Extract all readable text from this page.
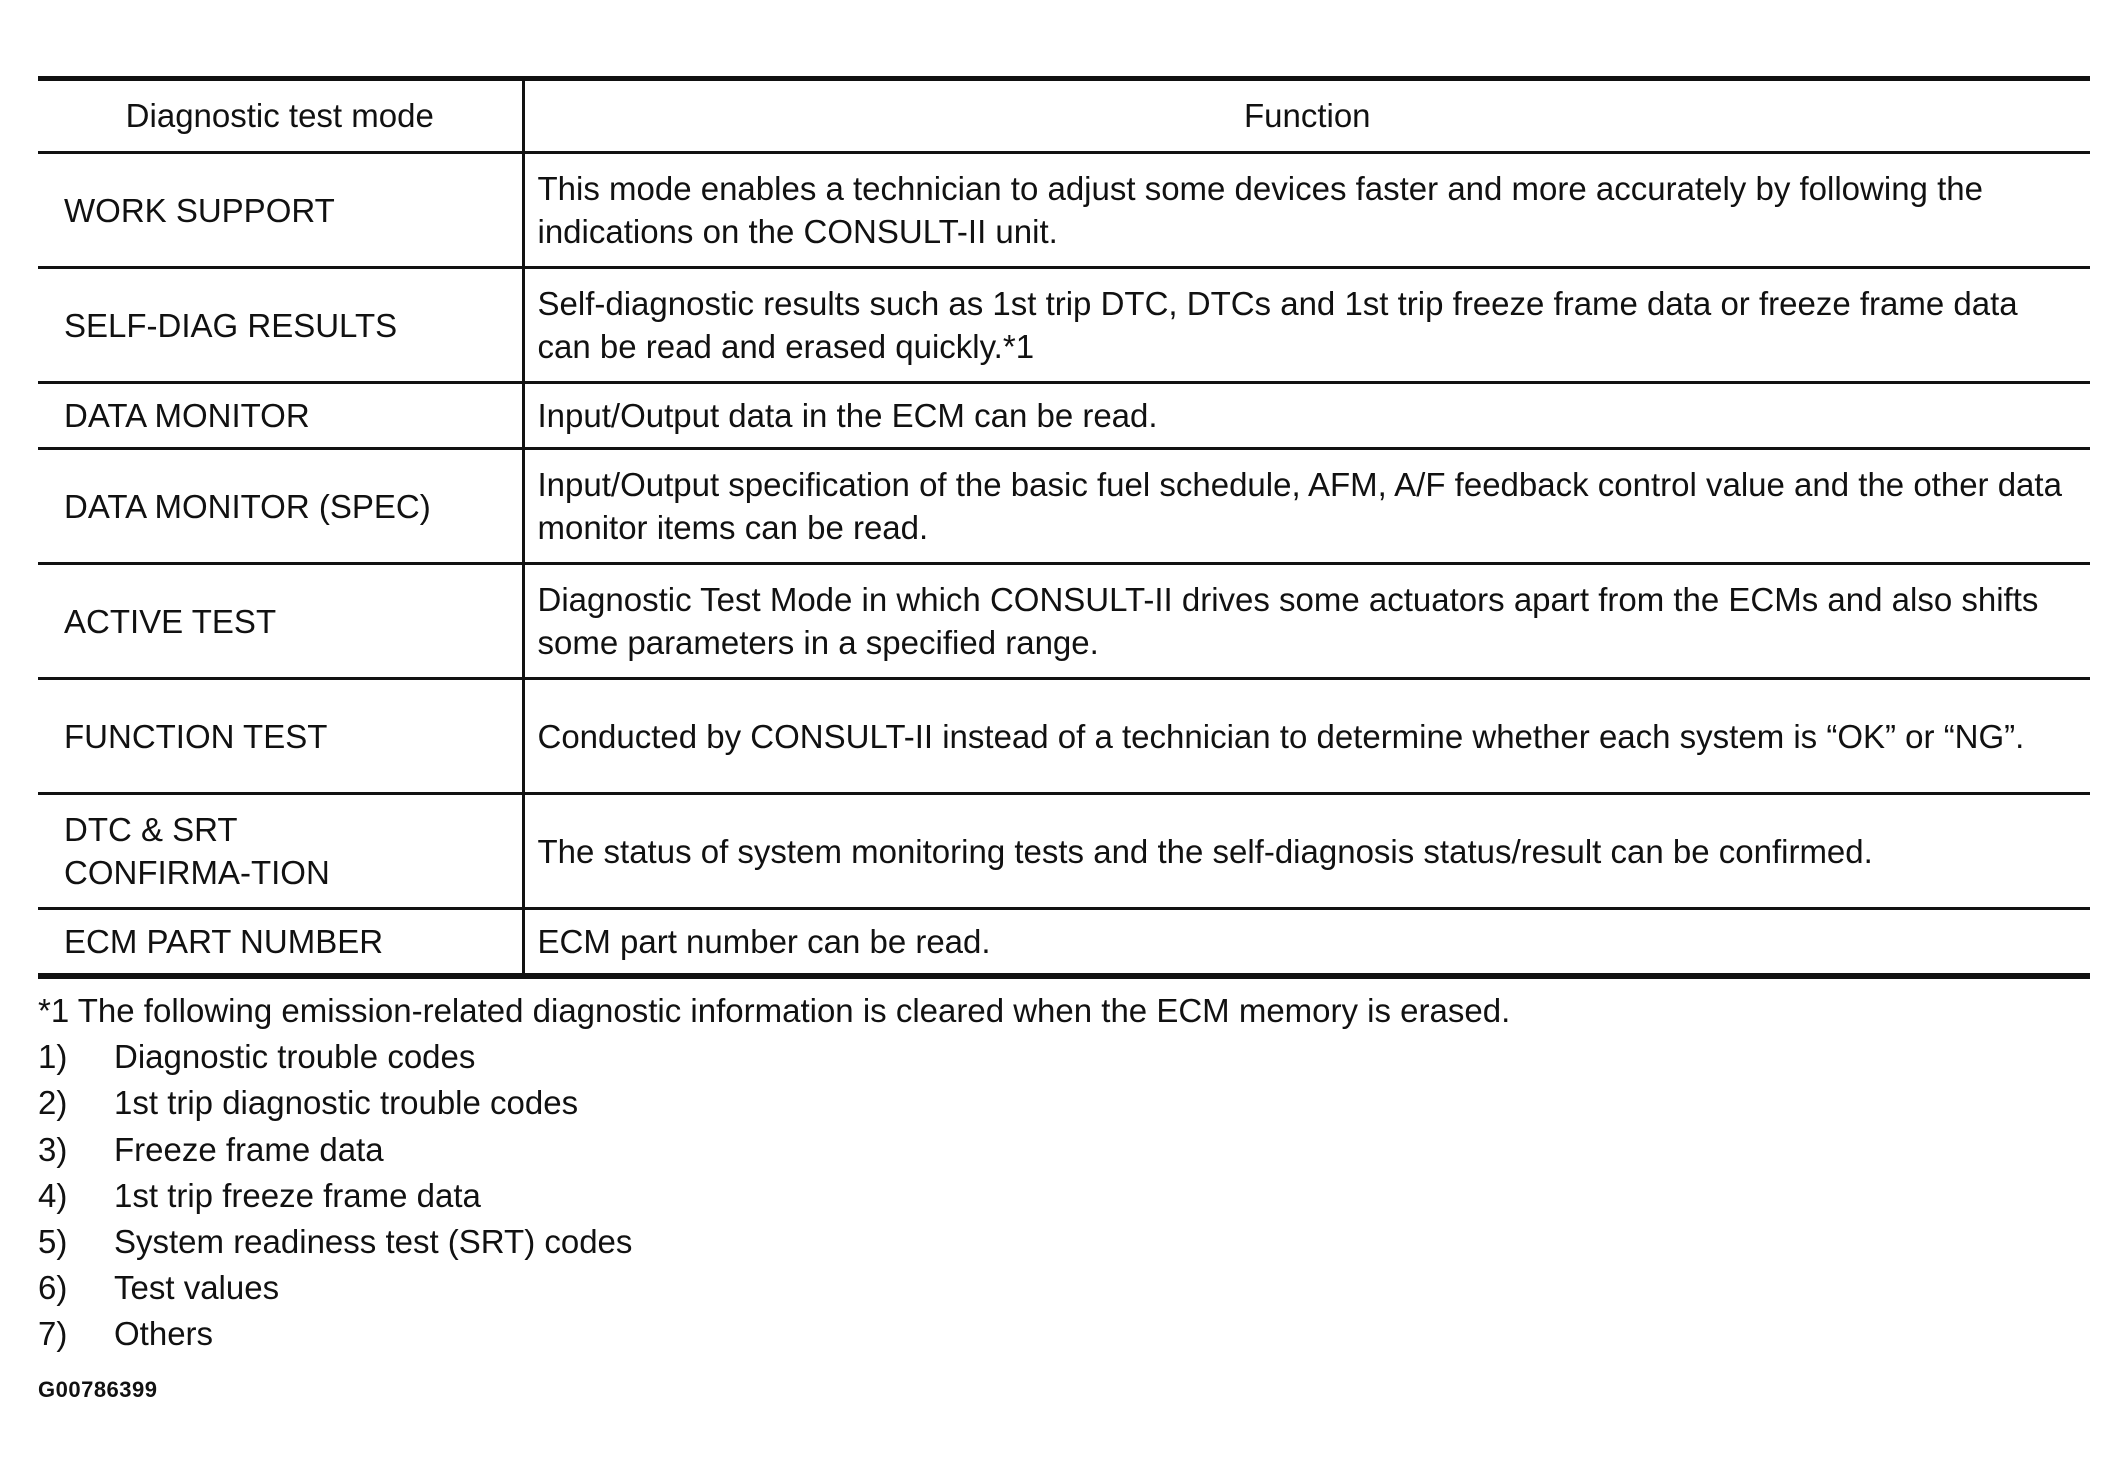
Diagnostic test mode	Function
WORK SUPPORT	This mode enables a technician to adjust some devices faster and more accurately by following the indications on the CONSULT-II unit.
SELF-DIAG RESULTS	Self-diagnostic results such as 1st trip DTC, DTCs and 1st trip freeze frame data or freeze frame data can be read and erased quickly.*1
DATA MONITOR	Input/Output data in the ECM can be read.
DATA MONITOR (SPEC)	Input/Output specification of the basic fuel schedule, AFM, A/F feedback control value and the other data monitor items can be read.
ACTIVE TEST	Diagnostic Test Mode in which CONSULT-II drives some actuators apart from the ECMs and also shifts some parameters in a specified range.
FUNCTION TEST	Conducted by CONSULT-II instead of a technician to determine whether each system is “OK” or “NG”.
DTC & SRT CONFIRMA-TION	The status of system monitoring tests and the self-diagnosis status/result can be confirmed.
ECM PART NUMBER	ECM part number can be read.

*1 The following emission-related diagnostic information is cleared when the ECM memory is erased.

1) Diagnostic trouble codes
2) 1st trip diagnostic trouble codes
3) Freeze frame data
4) 1st trip freeze frame data
5) System readiness test (SRT) codes
6) Test values
7) Others
G00786399
